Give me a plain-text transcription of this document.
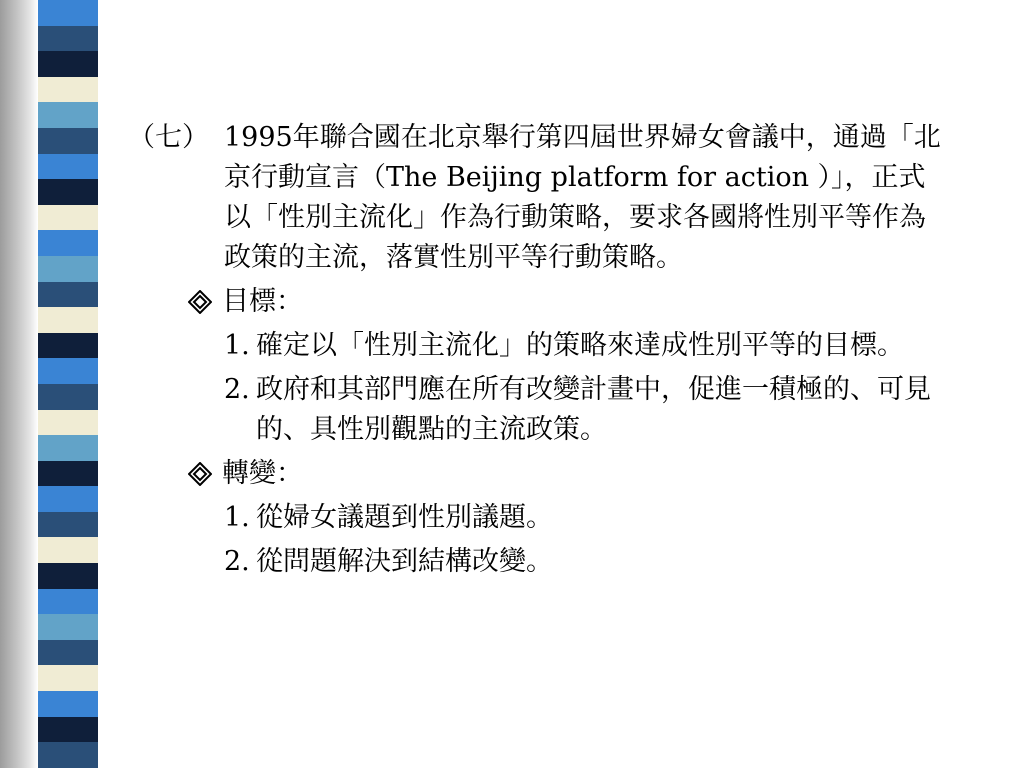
（七） 1995年聯合國在北京舉行第四屆世界婦女會議中，通過「北京行動宣言（The Beijing platform for action ）」，正式以「性別主流化」作為行動策略，要求各國將性別平等作為政策的主流，落實性別平等行動策略。
目標：
1. 確定以「性別主流化」的策略來達成性別平等的目標。
2. 政府和其部門應在所有改變計畫中，促進一積極的、可見的、具性別觀點的主流政策。
轉變：
1. 從婦女議題到性別議題。
2. 從問題解決到結構改變。
